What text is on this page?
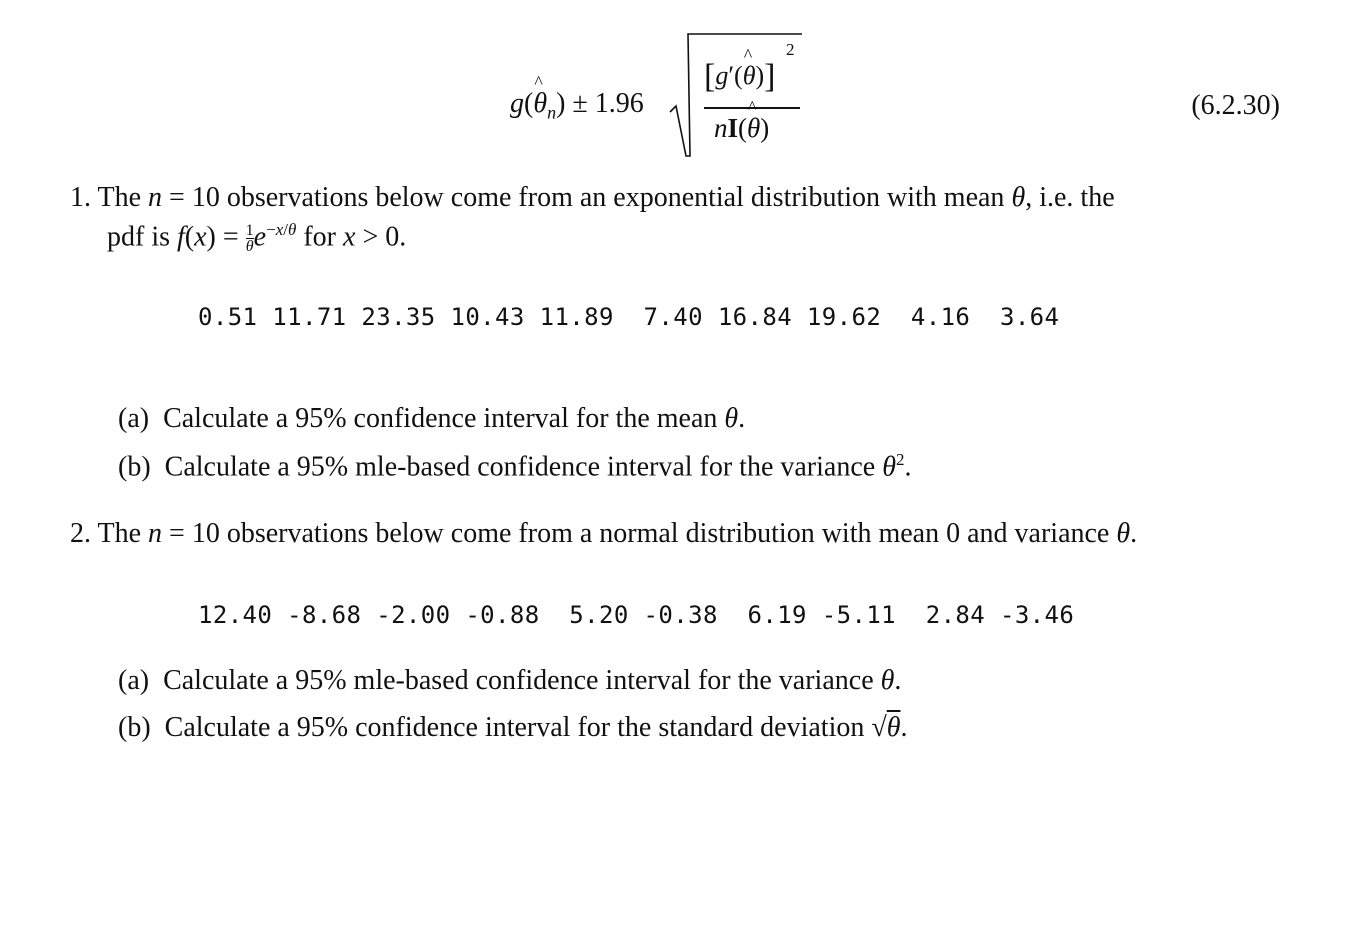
g(^ $\theta_n) \pm 1.96$
[g′(^ θ)]
2
nI(^ θ)
(6.2.30)
1. The n = 10 observations below come from an exponential distribution with mean θ, i.e. the
pdf is $f(x) = \frac{1}{\theta} e^{-x/\theta}$ for x > 0.
0.51 11.71 23.35 10.43 11.89 7.40 16.84 19.62 4.16 3.64
(a)  Calculate a 95% confidence interval for the mean θ.
(b)  Calculate a 95% mle-based confidence interval for the variance $\theta^2$.
2. The n = 10 observations below come from a normal distribution with mean 0 and variance θ.
12.40 -8.68 -2.00 -0.88 5.20 -0.38 6.19 -5.11 2.84 -3.46
(a)  Calculate a 95% mle-based confidence interval for the variance θ.
(b)  Calculate a 95% confidence interval for the standard deviation √θ.
